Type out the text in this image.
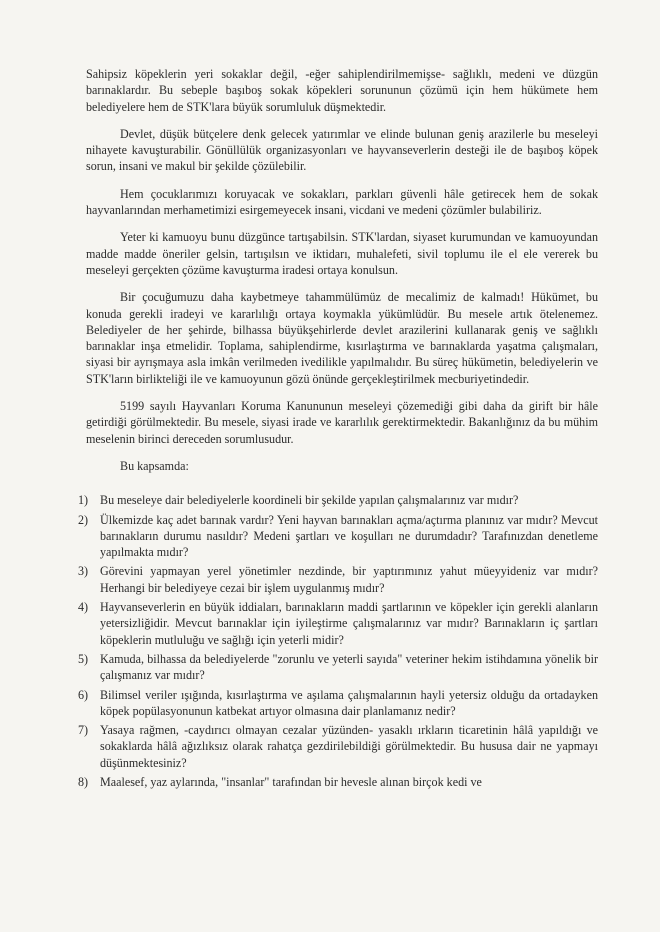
Sahipsiz köpeklerin yeri sokaklar değil, -eğer sahiplendirilmemişse- sağlıklı, medeni ve düzgün barınaklardır. Bu sebeple başıboş sokak köpekleri sorununun çözümü için hem hükümete hem belediyelere hem de STK'lara büyük sorumluluk düşmektedir.

Devlet, düşük bütçelere denk gelecek yatırımlar ve elinde bulunan geniş arazilerle bu meseleyi nihayete kavuşturabilir. Gönüllülük organizasyonları ve hayvanseverlerin desteği ile de başıboş köpek sorun, insani ve makul bir şekilde çözülebilir.

Hem çocuklarımızı koruyacak ve sokakları, parkları güvenli hâle getirecek hem de sokak hayvanlarından merhametimizi esirgemeyecek insani, vicdani ve medeni çözümler bulabiliriz.

Yeter ki kamuoyu bunu düzgünce tartışabilsin. STK'lardan, siyaset kurumundan ve kamuoyundan madde madde öneriler gelsin, tartışılsın ve iktidarı, muhalefeti, sivil toplumu ile el ele vererek bu meseleyi gerçekten çözüme kavuşturma iradesi ortaya konulsun.

Bir çocuğumuzu daha kaybetmeye tahammülümüz de mecalimiz de kalmadı! Hükümet, bu konuda gerekli iradeyi ve kararlılığı ortaya koymakla yükümlüdür. Bu mesele artık ötelenemez. Belediyeler de her şehirde, bilhassa büyükşehirlerde devlet arazilerini kullanarak geniş ve sağlıklı barınaklar inşa etmelidir. Toplama, sahiplendirme, kısırlaştırma ve barınaklarda yaşatma çalışmaları, siyasi bir ayrışmaya asla imkân verilmeden ivedilikle yapılmalıdır. Bu süreç hükümetin, belediyelerin ve STK'ların birlikteliği ile ve kamuoyunun gözü önünde gerçekleştirilmek mecburiyetindedir.

5199 sayılı Hayvanları Koruma Kanununun meseleyi çözemediği gibi daha da girift bir hâle getirdiği görülmektedir. Bu mesele, siyasi irade ve kararlılık gerektirmektedir. Bakanlığınız da bu mühim meselenin birinci dereceden sorumlusudur.

Bu kapsamda:
1) Bu meseleye dair belediyelerle koordineli bir şekilde yapılan çalışmalarınız var mıdır?
2) Ülkemizde kaç adet barınak vardır? Yeni hayvan barınakları açma/açtırma planınız var mıdır? Mevcut barınakların durumu nasıldır? Medeni şartları ve koşulları ne durumdadır? Tarafınızdan denetleme yapılmakta mıdır?
3) Görevini yapmayan yerel yönetimler nezdinde, bir yaptırımınız yahut müeyyideniz var mıdır? Herhangi bir belediyeye cezai bir işlem uygulanmış mıdır?
4) Hayvanseverlerin en büyük iddiaları, barınakların maddi şartlarının ve köpekler için gerekli alanların yetersizliğidir. Mevcut barınaklar için iyileştirme çalışmalarınız var mıdır? Barınakların iç şartları köpeklerin mutluluğu ve sağlığı için yeterli midir?
5) Kamuda, bilhassa da belediyelerde "zorunlu ve yeterli sayıda" veteriner hekim istihdamına yönelik bir çalışmanız var mıdır?
6) Bilimsel veriler ışığında, kısırlaştırma ve aşılama çalışmalarının hayli yetersiz olduğu da ortadayken köpek popülasyonunun katbekat artıyor olmasına dair planlamanız nedir?
7) Yasaya rağmen, -caydırıcı olmayan cezalar yüzünden- yasaklı ırkların ticaretinin hâlâ yapıldığı ve sokaklarda hâlâ ağızlıksız olarak rahatça gezdirilebildiği görülmektedir. Bu hususa dair ne yapmayı düşünmektesiniz?
8) Maalesef, yaz aylarında, "insanlar" tarafından bir hevesle alınan birçok kedi ve
